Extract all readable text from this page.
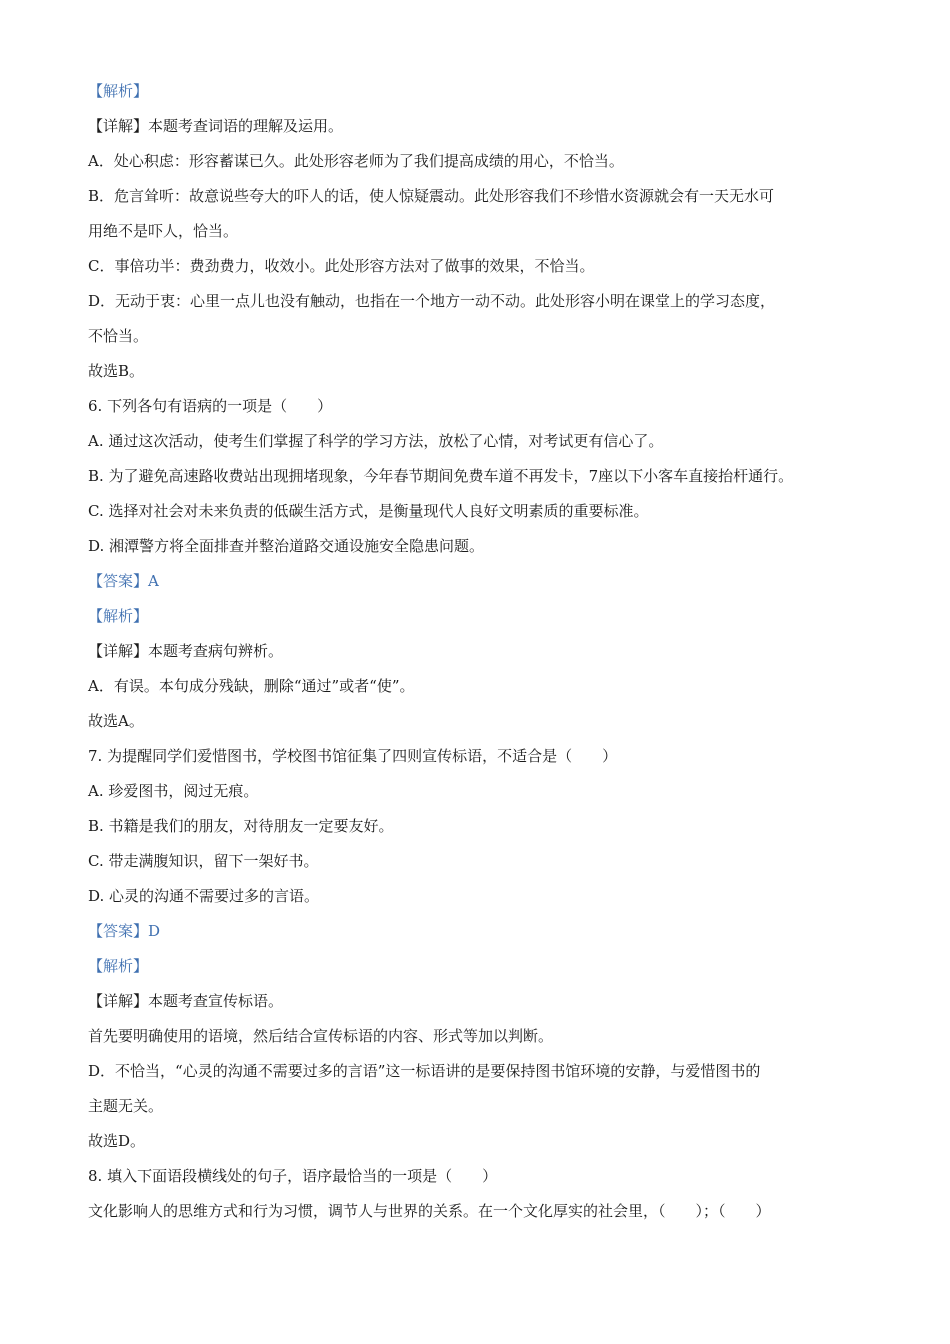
【解析】
【详解】本题考查词语的理解及运用。
A．处心积虑：形容蓄谋已久。此处形容老师为了我们提高成绩的用心，不恰当。
B．危言耸听：故意说些夸大的吓人的话，使人惊疑震动。此处形容我们不珍惜水资源就会有一天无水可
用绝不是吓人，恰当。
C．事倍功半：费劲费力，收效小。此处形容方法对了做事的效果，不恰当。
D．无动于衷：心里一点儿也没有触动，也指在一个地方一动不动。此处形容小明在课堂上的学习态度，
不恰当。
故选B。
6. 下列各句有语病的一项是（　　）
A. 通过这次活动，使考生们掌握了科学的学习方法，放松了心情，对考试更有信心了。
B. 为了避免高速路收费站出现拥堵现象，今年春节期间免费车道不再发卡，7座以下小客车直接抬杆通行。
C. 选择对社会对未来负责的低碳生活方式，是衡量现代人良好文明素质的重要标准。
D. 湘潭警方将全面排查并整治道路交通设施安全隐患问题。
【答案】A
【解析】
【详解】本题考查病句辨析。
A．有误。本句成分残缺，删除“通过”或者“使”。
故选A。
7. 为提醒同学们爱惜图书，学校图书馆征集了四则宣传标语，不适合是（　　）
A. 珍爱图书，阅过无痕。
B. 书籍是我们的朋友，对待朋友一定要友好。
C. 带走满腹知识，留下一架好书。
D. 心灵的沟通不需要过多的言语。
【答案】D
【解析】
【详解】本题考查宣传标语。
首先要明确使用的语境，然后结合宣传标语的内容、形式等加以判断。
D．不恰当，“心灵的沟通不需要过多的言语”这一标语讲的是要保持图书馆环境的安静，与爱惜图书的
主题无关。
故选D。
8. 填入下面语段横线处的句子，语序最恰当的一项是（　　）
文化影响人的思维方式和行为习惯，调节人与世界的关系。在一个文化厚实的社会里，（　　）；（　　）
